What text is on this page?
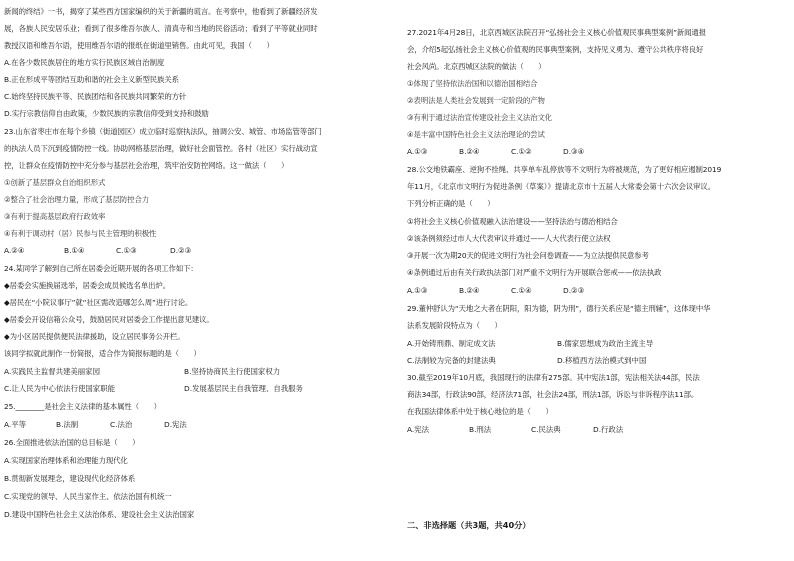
新闻的终结》一书，揭穿了某些西方国家编织的关于新疆的谎言。在考察中，他看到了新疆经济发
展，各族人民安居乐业；看到了很多维吾尔族人、清真寺和当地的民俗活动；看到了平等就业同时
教授汉语和维吾尔语，使用维吾尔语的报纸在街道里销售。由此可见，我国（　　）
A.在各少数民族居住的地方实行民族区域自治制度
B.正在形成平等团结互助和谐的社会主义新型民族关系
C.始终坚持民族平等、民族团结和各民族共同繁荣的方针
D.实行宗教信仰自由政策，少数民族的宗教信仰受到支持和鼓励
23.山东省枣庄市在每个乡镇（街道园区）成立临时巡察执法队，抽调公安、城管、市场监管等部门
的执法人员下沉到疫情防控一线。协助网格基层治理，做好社会面管控。各村（社区）实行战动宣
控，让群众在疫情防控中充分参与基层社会治理，筑牢治安防控网络。这一做法（　　）
①创新了基层群众自治组织形式
②整合了社会治理力量，形成了基层防控合力
③有利于提高基层政府行政效率
④有利于调动村（居）民参与民主管理的积极性
A.②④	B.①④	C.①③	D.②③
24.某同学了解到自己所在居委会近期开展的各项工作如下：
◆居委会实施换届选举，居委会成员候选名单出炉。
◆居民在“小院议事厅”就“社区需改造哪怎么周”进行讨论。
◆居委会开设信箱公众号，鼓励居民对居委会工作提出意见建议。
◆为小区居民提供便民法律援助，设立居民事务公开栏。
该同学拟就此制作一份简报，适合作为简报标题的是（　　）
A.实践民主监督共建美丽家园	B.坚持协商民主行使国家权力
C.让人民为中心依法行使国家职能	D.发展基层民主自我管理、自我服务
25.________是社会主义法律的基本属性（　　）
A.平等	B.法制	C.法治	D.宪法
26.全面推进依法治国的总目标是（　　）
A.实现国家治理体系和治理能力现代化
B.贯彻新发展理念，建设现代化经济体系
C.实现党的领导、人民当家作主、依法治国有机统一
D.建设中国特色社会主义法治体系、建设社会主义法治国家
27.2021年4月28日，北京西城区法院召开“弘扬社会主义核心价值观民事典型案例”新闻通报
会，介绍5起弘扬社会主义核心价值观的民事典型案例，支持见义勇为、遵守公共秩序将良好
社会风尚。北京西城区法院的做法（　　）
①体现了坚持依法治国和以德治国相结合
②表明法是人类社会发展到一定阶段的产物
③有利于通过法治宣传建设社会主义法治文化
④是丰富中国特色社会主义法治理论的尝试
A.①③	B.②④	C.①②	D.③④
28.公交地铁霸座、逆狗不拴绳、共享单车乱停放等不文明行为将被规范，为了更好相应遏制2019
年11月，《北京市文明行为促进条例（草案）》提请北京市十五届人大常委会第十六次会议审议。
下列分析正确的是（　　）
①将社会主义核心价值观融入法治建设——坚持法治与德治相结合
②该条例须经过市人大代表审议并通过——人大代表行使立法权
③开展一次为期20天的促进文明行为社会问卷调查——为立法提供民意参考
④条例通过后由有关行政执法部门对严重不文明行为开展联合惩戒——依法执政
A.①③	B.②④	C.①④	D.②③
29.董仲舒认为“天地之大者在阴阳，阳为德，阴为刑”，德行关系应是“德主刑辅”，这体现中华
法系发展阶段特点为（　　）
A.开始铸刑鼎、制定成文法	B.儒家思想成为政治主流主导
C.法制较为完备的封建法典	D.移植西方法治模式到中国
30.截至2019年10月底，我国现行的法律有275部。其中宪法1部，宪法相关法44部，民法
商法34部，行政法90部，经济法71部，社会法24部，刑法1部，诉讼与非诉程序法11部。
在我国法律体系中处于核心地位的是（　　）
A.宪法	B.刑法	C.民法典	D.行政法
二、非选择题（共3题，共40分）
